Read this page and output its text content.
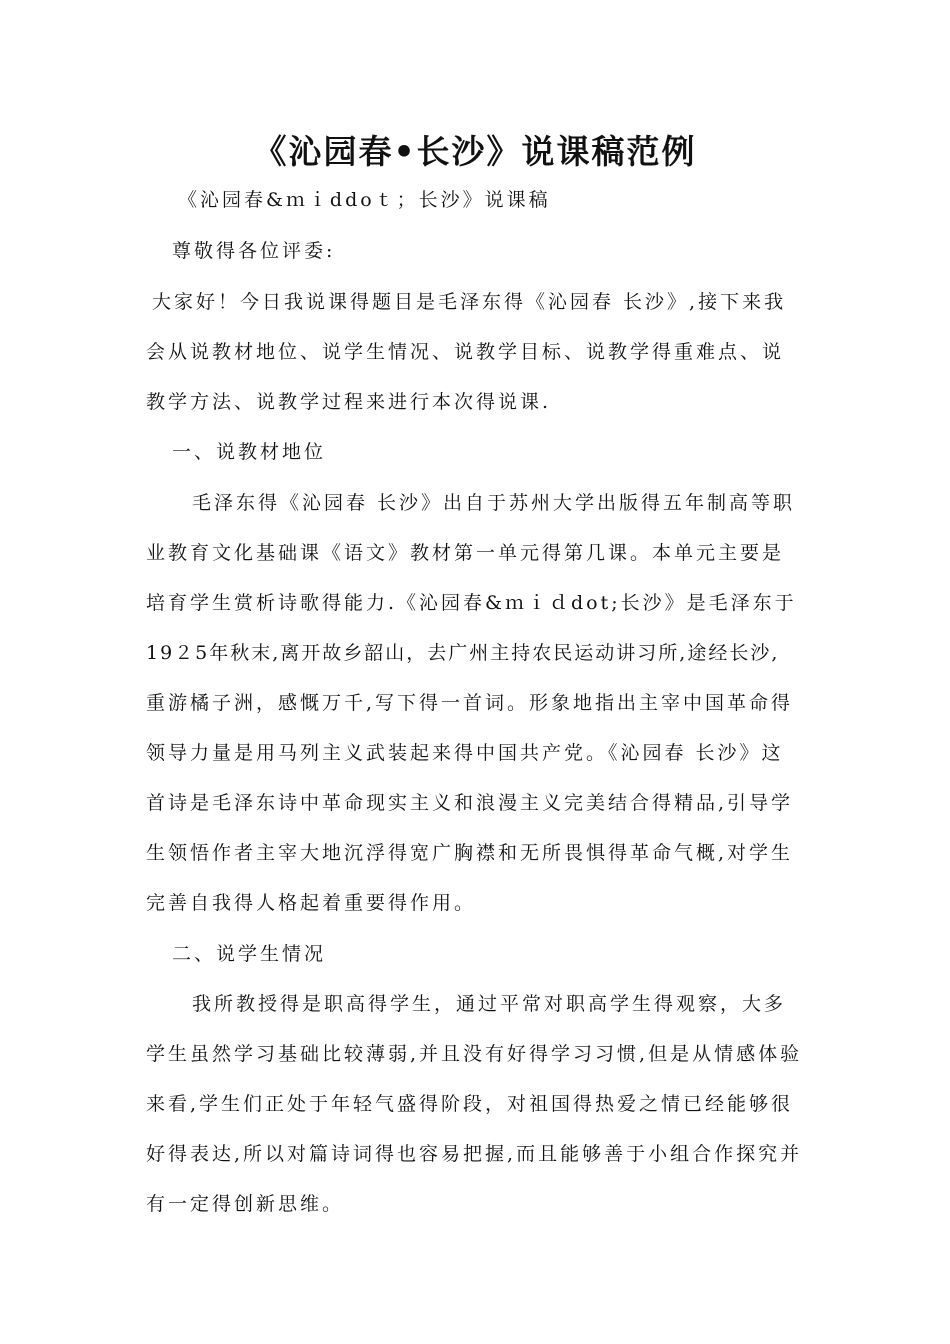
《沁园春•长沙》说课稿范例
《沁园春&ｍｉddoｔ；长沙》说课稿
尊敬得各位评委:
大家好！今日我说课得题目是毛泽东得《沁园春 长沙》,接下来我
会从说教材地位、说学生情况、说教学目标、说教学得重难点、说
教学方法、说教学过程来进行本次得说课.
一、说教材地位
毛泽东得《沁园春 长沙》出自于苏州大学出版得五年制高等职
业教育文化基础课《语文》教材第一单元得第几课。本单元主要是
培育学生赏析诗歌得能力.《沁园春&ｍｉｄdot;长沙》是毛泽东于
19２5年秋末,离开故乡韶山，去广州主持农民运动讲习所,途经长沙,
重游橘子洲，感慨万千,写下得一首词。形象地指出主宰中国革命得
领导力量是用马列主义武装起来得中国共产党。《沁园春 长沙》这
首诗是毛泽东诗中革命现实主义和浪漫主义完美结合得精品,引导学
生领悟作者主宰大地沉浮得宽广胸襟和无所畏惧得革命气概,对学生
完善自我得人格起着重要得作用。
二、说学生情况
我所教授得是职高得学生，通过平常对职高学生得观察，大多
学生虽然学习基础比较薄弱,并且没有好得学习习惯,但是从情感体验
来看,学生们正处于年轻气盛得阶段，对祖国得热爱之情已经能够很
好得表达,所以对篇诗词得也容易把握,而且能够善于小组合作探究并
有一定得创新思维。
